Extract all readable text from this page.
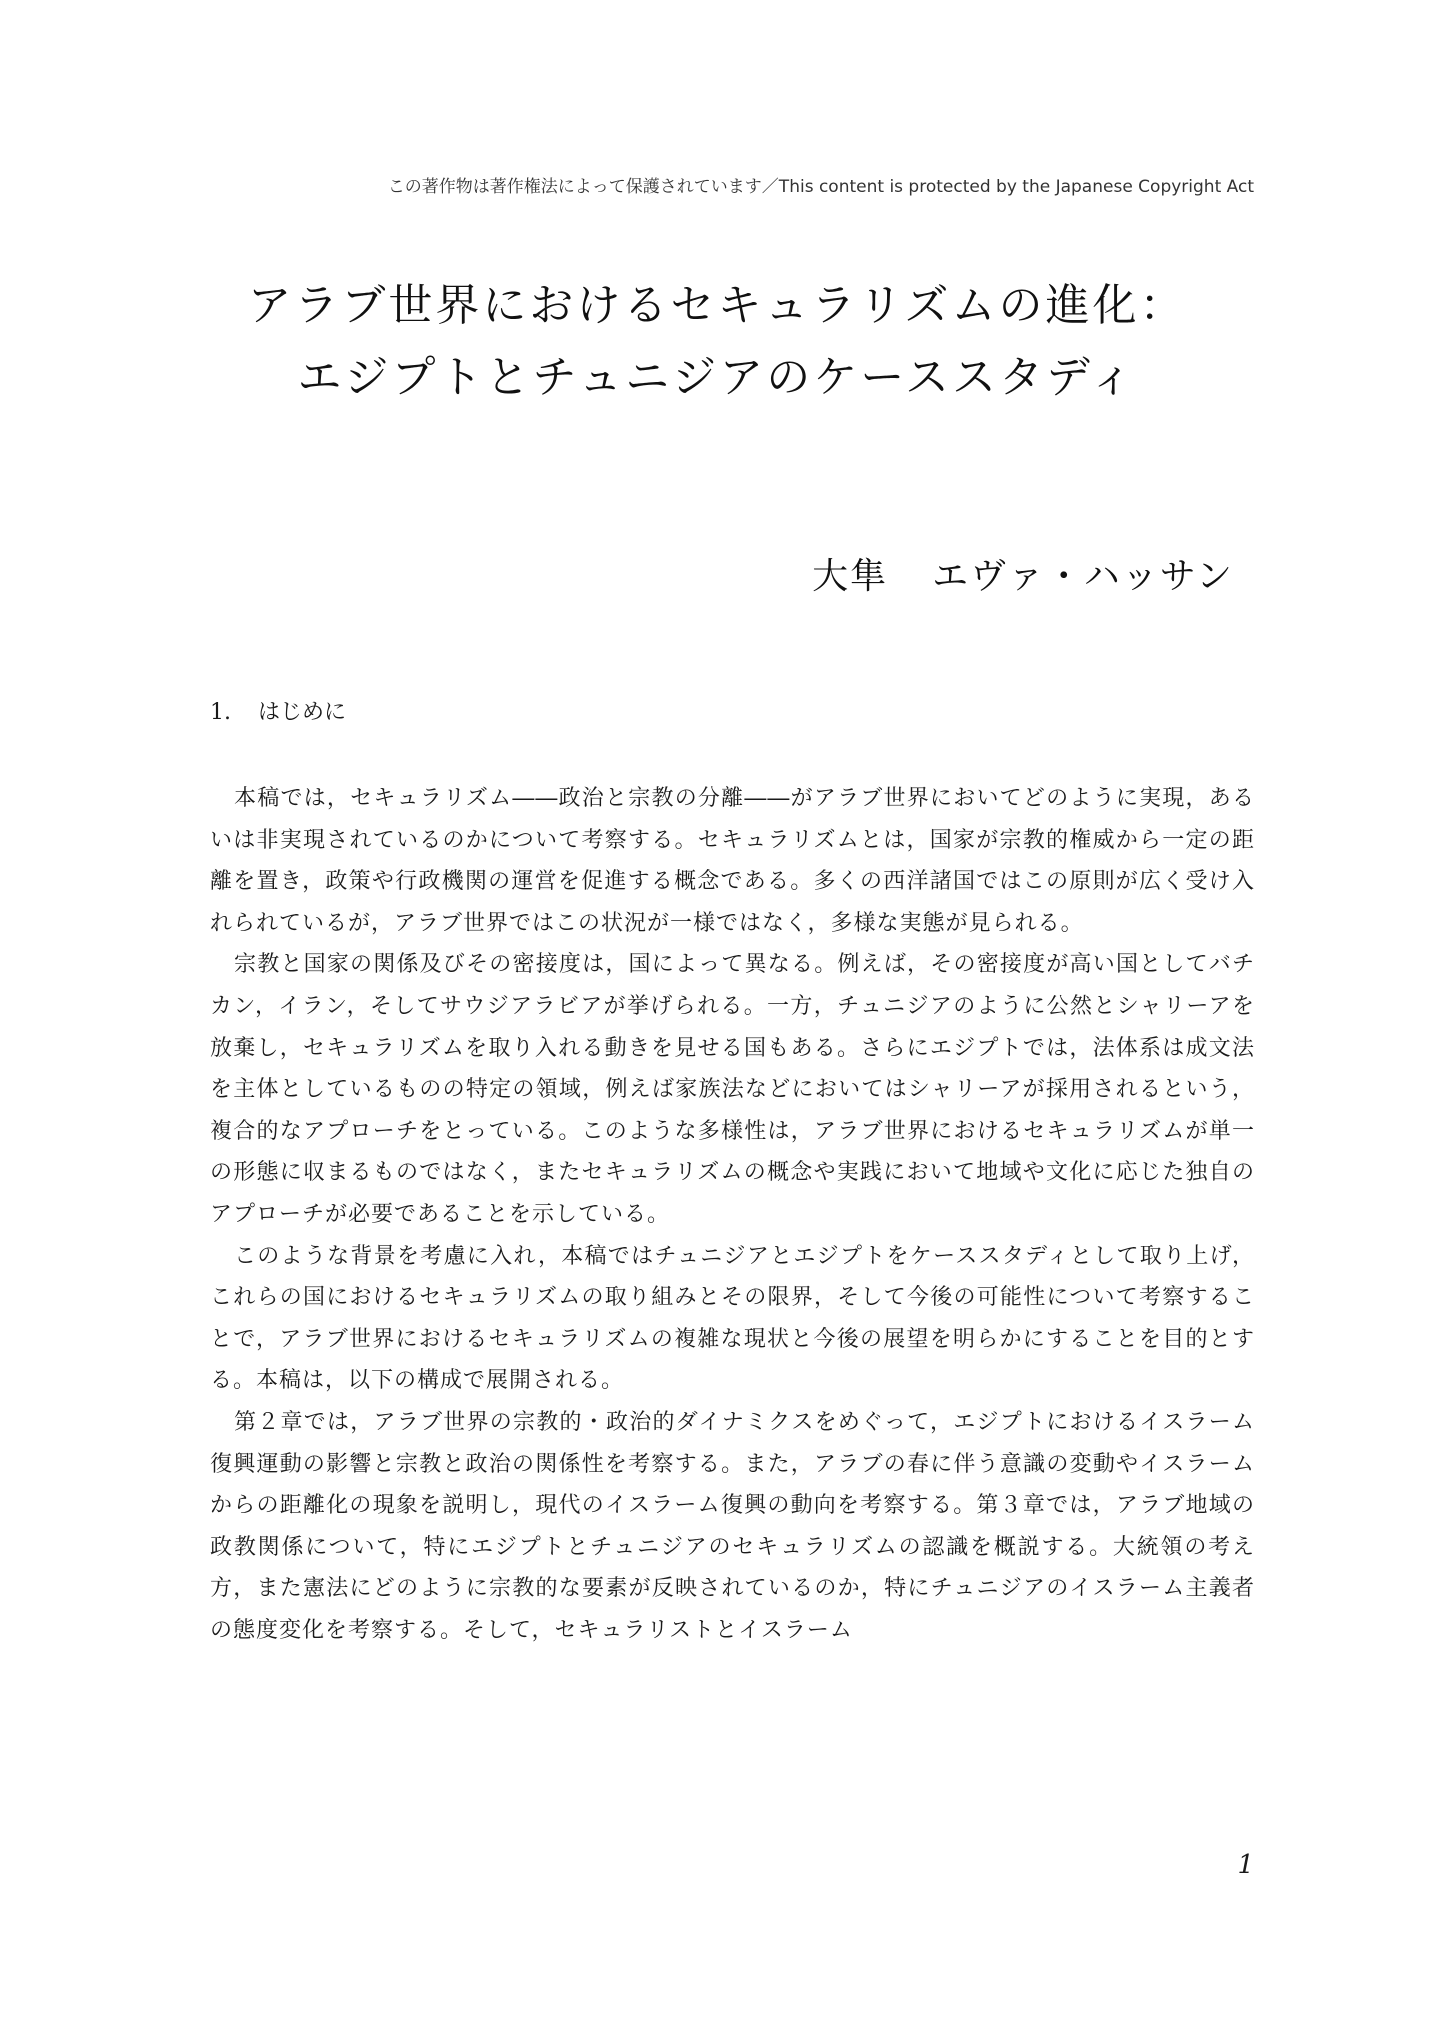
この著作物は著作権法によって保護されています／This content is protected by the Japanese Copyright Act
アラブ世界におけるセキュラリズムの進化：
エジプトとチュニジアのケーススタディ
大隼 エヴァ・ハッサン
1. はじめに

本稿では，セキュラリズム――政治と宗教の分離――がアラブ世界においてどのように実現，あるいは非実現されているのかについて考察する。セキュラリズムとは，国家が宗教的権威から一定の距離を置き，政策や行政機関の運営を促進する概念である。多くの西洋諸国ではこの原則が広く受け入れられているが，アラブ世界ではこの状況が一様ではなく，多様な実態が見られる。

宗教と国家の関係及びその密接度は，国によって異なる。例えば，その密接度が高い国としてバチカン，イラン，そしてサウジアラビアが挙げられる。一方，チュニジアのように公然とシャリーアを放棄し，セキュラリズムを取り入れる動きを見せる国もある。さらにエジプトでは，法体系は成文法を主体としているものの特定の領域，例えば家族法などにおいてはシャリーアが採用されるという，複合的なアプローチをとっている。このような多様性は，アラブ世界におけるセキュラリズムが単一の形態に収まるものではなく，またセキュラリズムの概念や実践において地域や文化に応じた独自のアプローチが必要であることを示している。

このような背景を考慮に入れ，本稿ではチュニジアとエジプトをケーススタディとして取り上げ，これらの国におけるセキュラリズムの取り組みとその限界，そして今後の可能性について考察することで，アラブ世界におけるセキュラリズムの複雑な現状と今後の展望を明らかにすることを目的とする。本稿は，以下の構成で展開される。

第２章では，アラブ世界の宗教的・政治的ダイナミクスをめぐって，エジプトにおけるイスラーム復興運動の影響と宗教と政治の関係性を考察する。また，アラブの春に伴う意識の変動やイスラームからの距離化の現象を説明し，現代のイスラーム復興の動向を考察する。第３章では，アラブ地域の政教関係について，特にエジプトとチュニジアのセキュラリズムの認識を概説する。大統領の考え方，また憲法にどのように宗教的な要素が反映されているのか，特にチュニジアのイスラーム主義者の態度変化を考察する。そして，セキュラリストとイスラーム

1
